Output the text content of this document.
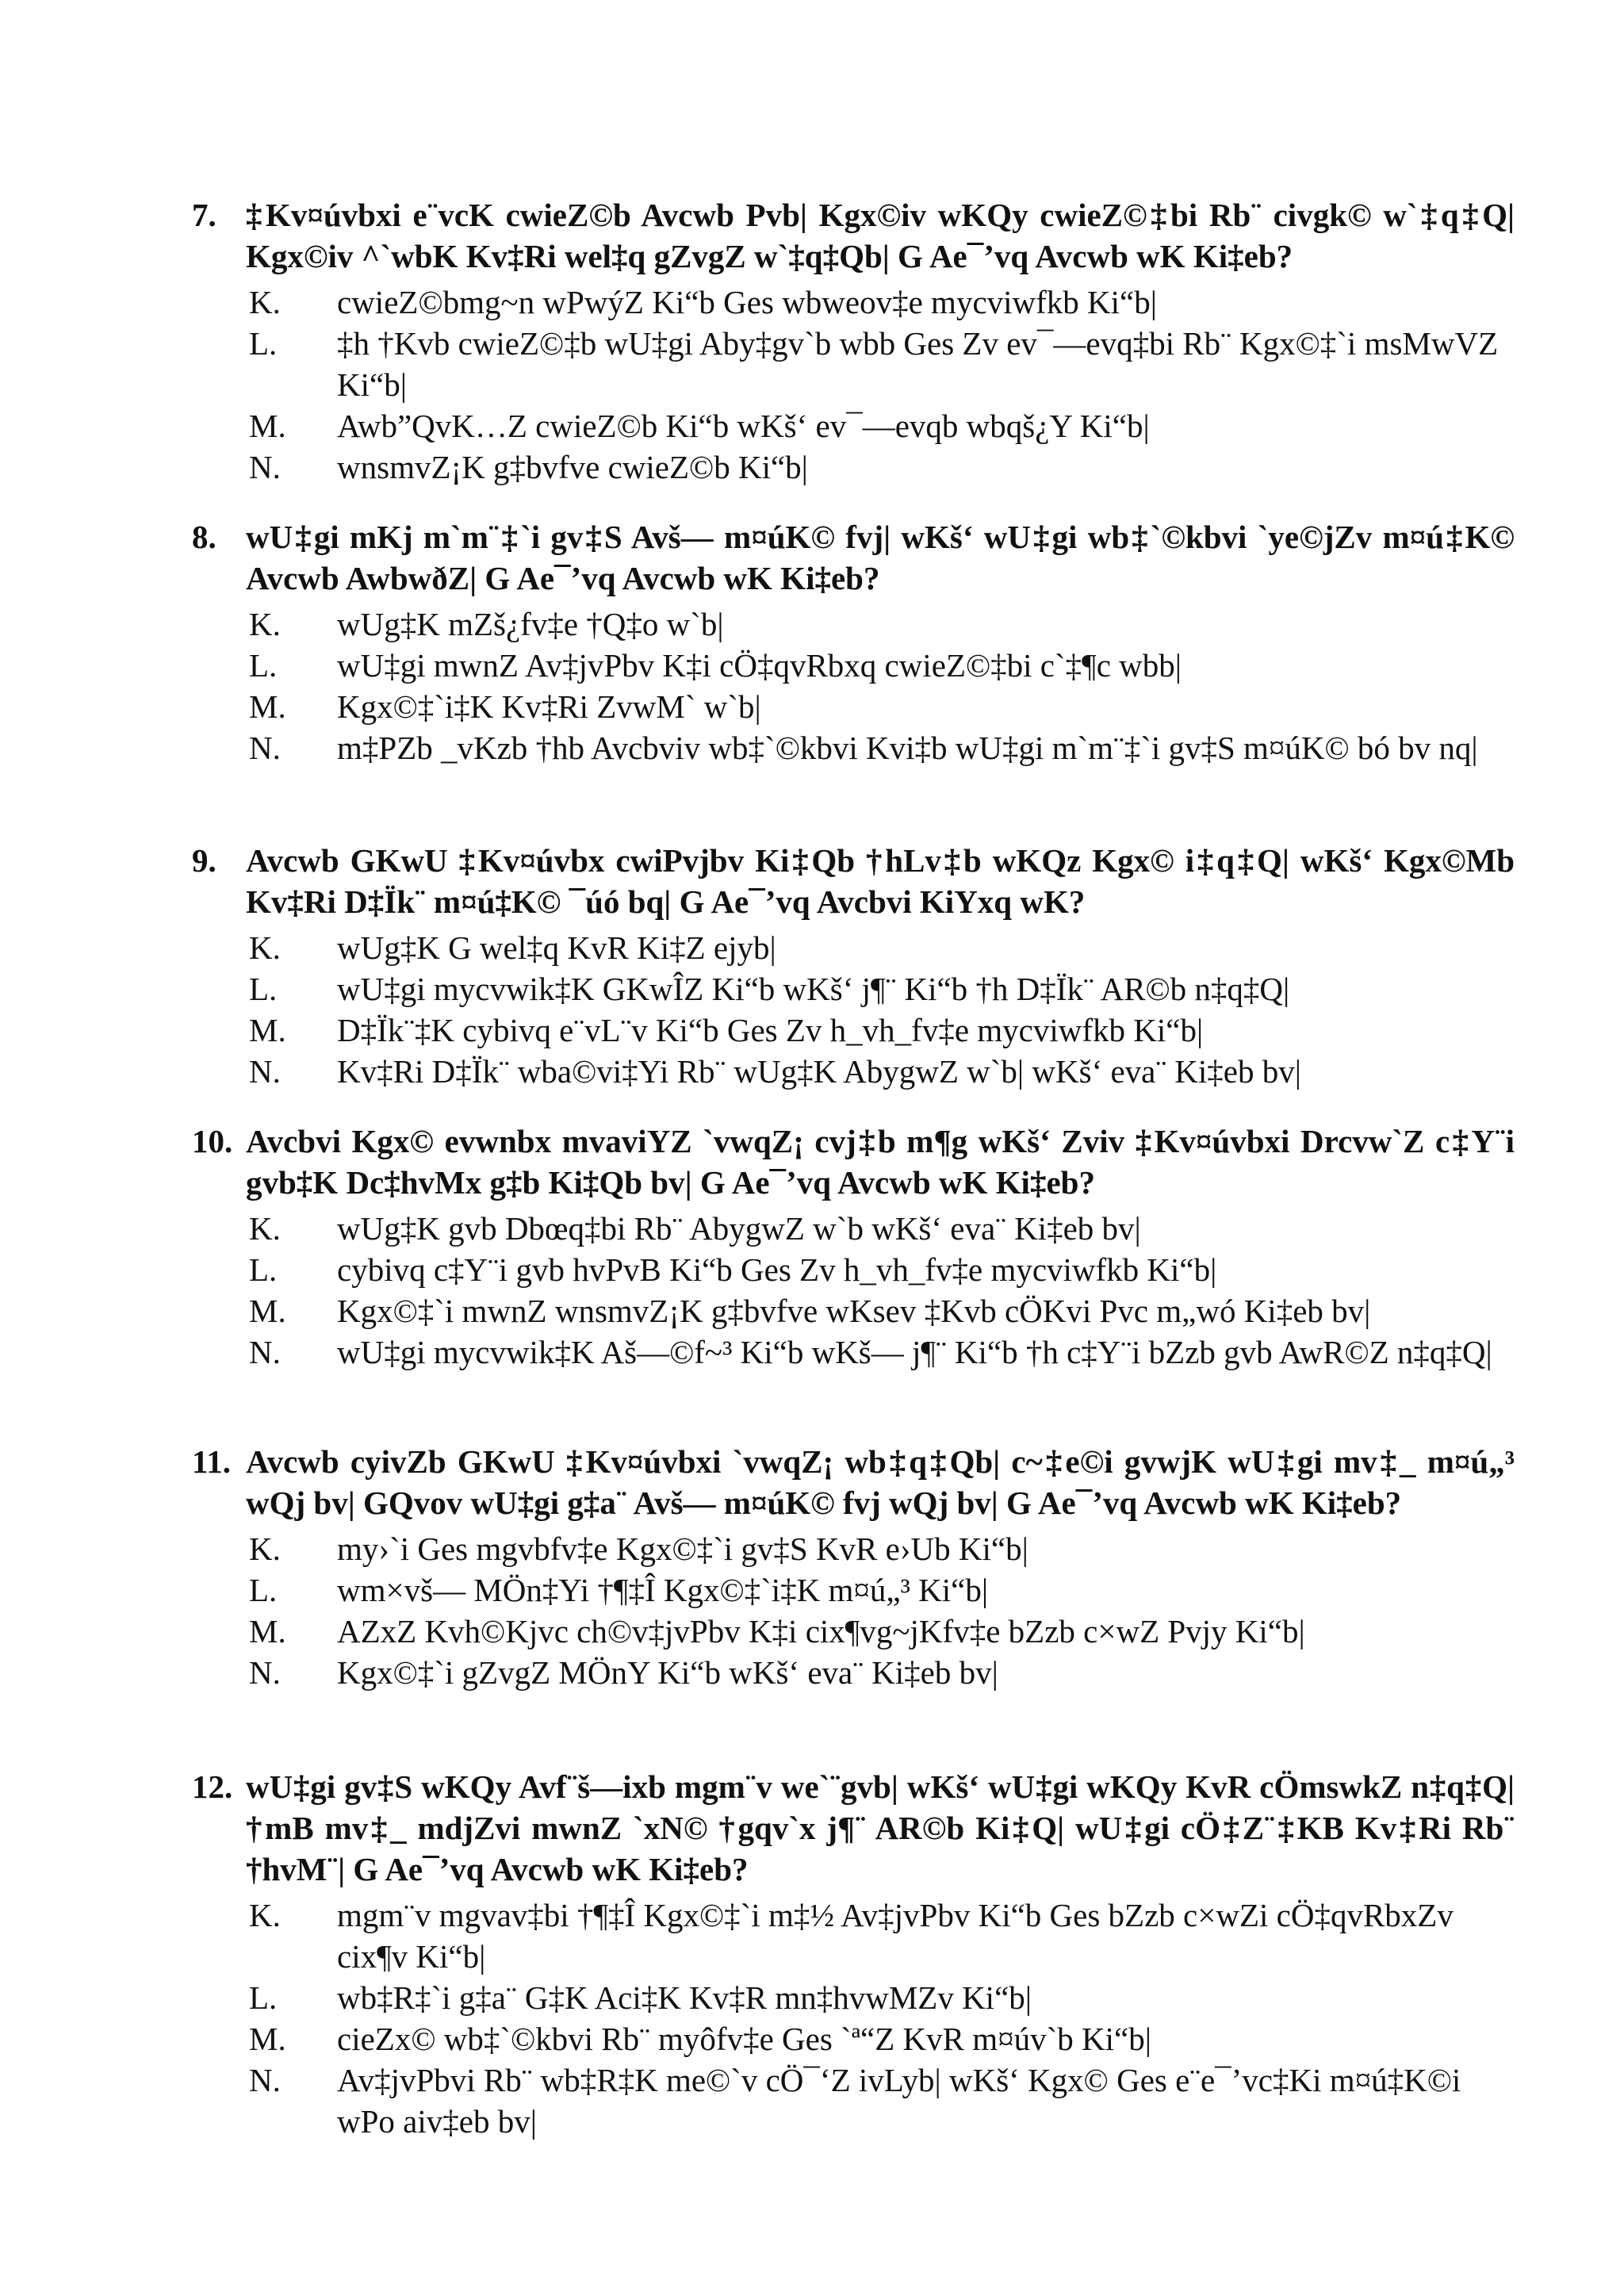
7. ‡Kv¤úvbxi e¨vcK cwieZ©b Avcwb Pvb| Kgx©iv wKQy cwieZ©‡bi Rb¨ civgk© w`‡q‡Q| Kgx©iv ^`wbK Kv‡Ri wel‡q gZvgZ w`‡q‡Qb| G Ae¯’vq Avcwb wK Ki‡eb?
K. cwieZ©bmg~n wPwýZ Ki“b Ges wbweov‡e mycviwfkb Ki“b|
L. ‡h †Kvb cwieZ©‡b wU‡gi Aby‡gv`b wbb Ges Zv ev¯—evq‡bi Rb¨ Kgx©‡`i msMwVZ Ki“b|
M. Awb”QvK…Z cwieZ©b Ki“b wKš‘ ev¯—evqb wbqš¿Y Ki“b|
N. wnsmvZ¡K g‡bvfve cwieZ©b Ki“b|
8. wU‡gi mKj m`m¨‡`i gv‡S Avš— m¤úK© fvj| wKš‘ wU‡gi wb‡`©kbvi `ye©jZv m¤ú‡K© Avcwb AwbwðZ| G Ae¯’vq Avcwb wK Ki‡eb?
K. wUg‡K mZš¿fv‡e †Q‡o w`b|
L. wU‡gi mwnZ Av‡jvPbv K‡i cÖ‡qvRbxq cwieZ©‡bi c`‡¶c wbb|
M. Kgx©‡`i‡K Kv‡Ri ZvwM` w`b|
N. m‡PZb _vKzb †hb Avcbviv wb‡`©kbvi Kvi‡b wU‡gi m`m¨‡`i gv‡S m¤úK© bó bv nq|
9. Avcwb GKwU ‡Kv¤úvbx cwiPvjbv Ki‡Qb †hLv‡b wKQz Kgx© i‡q‡Q| wKš‘ Kgx©Mb Kv‡Ri D‡Ïk¨ m¤ú‡K© ¯úó bq| G Ae¯’vq Avcbvi KiYxq wK?
K. wUg‡K G wel‡q KvR Ki‡Z ejyb|
L. wU‡gi mycvwik‡K GKwÎZ Ki“b wKš‘ j¶¨ Ki“b †h D‡Ïk¨ AR©b n‡q‡Q|
M. D‡Ïk¨‡K cybivq e¨vL¨v Ki“b Ges Zv h_vh_fv‡e mycviwfkb Ki“b|
N. Kv‡Ri D‡Ïk¨ wba©vi‡Yi Rb¨ wUg‡K AbygwZ w`b| wKš‘ eva¨ Ki‡eb bv|
10. Avcbvi Kgx© evwnbx mvaviYZ `vwqZ¡ cvj‡b m¶g wKš‘ Zviv ‡Kv¤úvbxi Drcvw`Z c‡Y¨i gvb‡K Dc‡hvMx g‡b Ki‡Qb bv| G Ae¯’vq Avcwb wK Ki‡eb?
K. wUg‡K gvb Dbœq‡bi Rb¨ AbygwZ w`b wKš‘ eva¨ Ki‡eb bv|
L. cybivq c‡Y¨i gvb hvPvB Ki“b Ges Zv h_vh_fv‡e mycviwfkb Ki“b|
M. Kgx©‡`i mwnZ wnsmvZ¡K g‡bvfve wKsev ‡Kvb cÖKvi Pvc m„wó Ki‡eb bv|
N. wU‡gi mycvwik‡K Aš—©f~³ Ki“b wKš— j¶¨ Ki“b †h c‡Y¨i bZzb gvb AwR©Z n‡q‡Q|
11. Avcwb cyivZb GKwU ‡Kv¤úvbxi `vwqZ¡ wb‡q‡Qb| c~‡e©i gvwjK wU‡gi mv‡_ m¤ú„³ wQj bv| GQvov wU‡gi g‡a¨ Avš— m¤úK© fvj wQj bv| G Ae¯’vq Avcwb wK Ki‡eb?
K. my›`i Ges mgvbfv‡e Kgx©‡`i gv‡S KvR e›Ub Ki“b|
L. wm×vš— MÖn‡Yi †¶‡Î Kgx©‡`i‡K m¤ú„³ Ki“b|
M. AZxZ Kvh©Kjvc ch©v‡jvPbv K‡i cix¶vg~jKfv‡e bZzb c×wZ Pvjy Ki“b|
N. Kgx©‡`i gZvgZ MÖnY Ki“b wKš‘ eva¨ Ki‡eb bv|
12. wU‡gi gv‡S wKQy Avf¨š—ixb mgm¨v we`¨gvb| wKš‘ wU‡gi wKQy KvR cÖmswkZ n‡q‡Q| †mB mv‡_ mdjZvi mwnZ `xN© †gqv`x j¶¨ AR©b Ki‡Q| wU‡gi cÖ‡Z¨‡KB Kv‡Ri Rb¨ †hvM¨| G Ae¯’vq Avcwb wK Ki‡eb?
K. mgm¨v mgvav‡bi †¶‡Î Kgx©‡`i m‡½ Av‡jvPbv Ki“b Ges bZzb c×wZi cÖ‡qvRbxZv cix¶v Ki“b|
L. wb‡R‡`i g‡a¨ G‡K Aci‡K Kv‡R mn‡hvwMZv Ki“b|
M. cieZx© wb‡`©kbvi Rb¨ myôfv‡e Ges `ª“Z KvR m¤úv`b Ki“b|
N. Av‡jvPbvi Rb¨ wb‡R‡K me©`v cÖ¯‘Z ivLyb| wKš‘ Kgx© Ges e¨e¯’vc‡Ki m¤ú‡K©i wPo aiv‡eb bv|
